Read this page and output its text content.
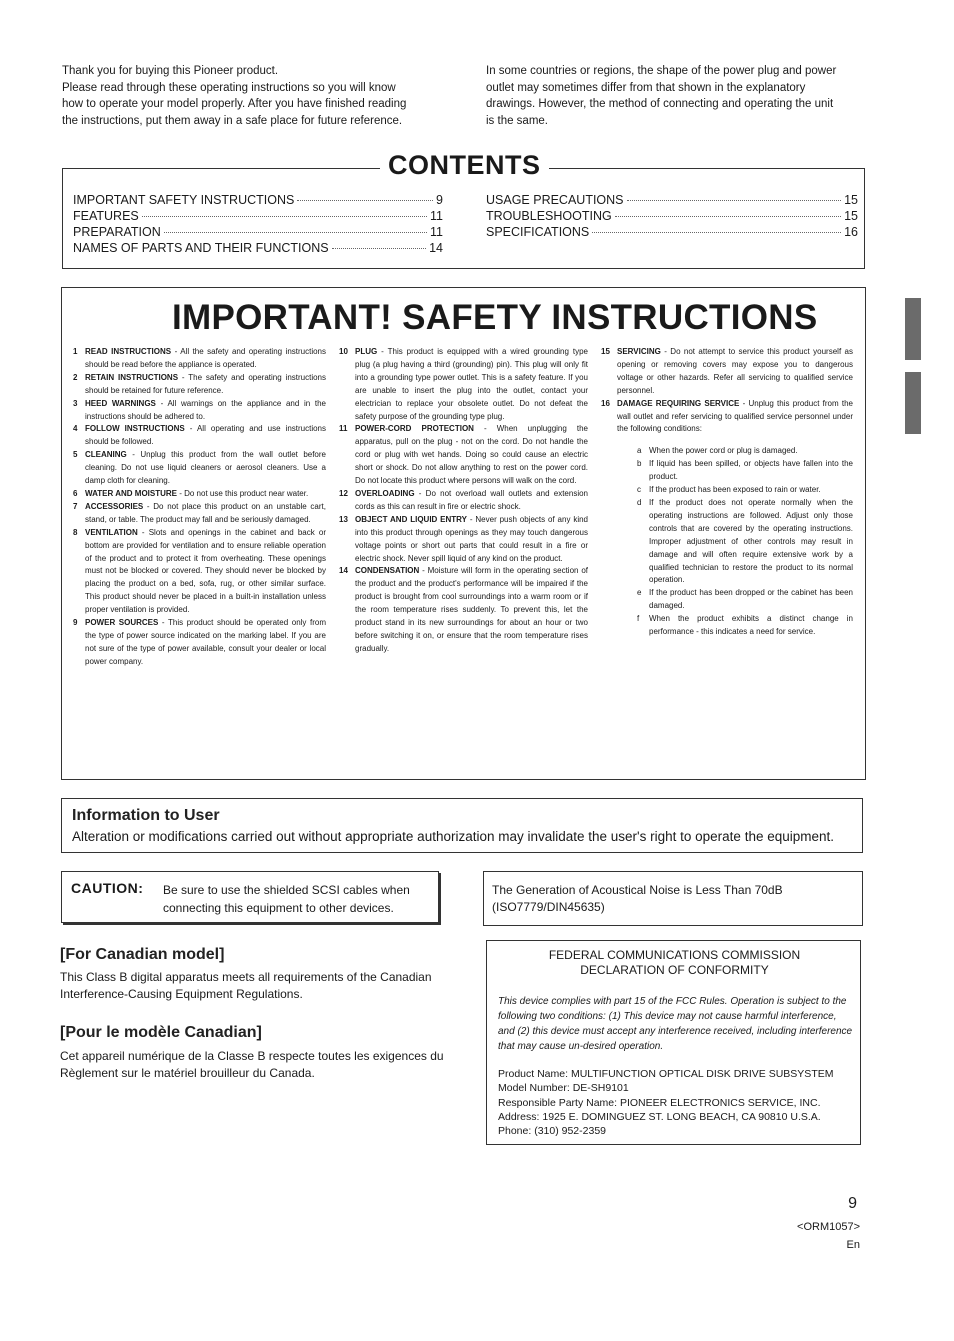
Thank you for buying this Pioneer product.
Please read through these operating instructions so you will know
how to operate your model properly. After you have finished reading
the instructions, put them away in a safe place for future reference.
In some countries or regions, the shape of the power plug and power
outlet may sometimes differ from that shown in the explanatory
drawings. However, the method of connecting and operating the unit
is the same.
IMPORTANT SAFETY INSTRUCTIONS	9
FEATURES	11
PREPARATION	11
NAMES OF PARTS AND THEIR FUNCTIONS	14
USAGE PRECAUTIONS	15
TROUBLESHOOTING	15
SPECIFICATIONS	16
CONTENTS
IMPORTANT! SAFETY INSTRUCTIONS
1 READ INSTRUCTIONS - All the safety and operating instructions should be read before the appliance is operated.
2 RETAIN INSTRUCTIONS - The safety and operating instructions should be retained for future reference.
3 HEED WARNINGS - All warnings on the appliance and in the instructions should be adhered to.
4 FOLLOW INSTRUCTIONS - All operating and use instructions should be followed.
5 CLEANING - Unplug this product from the wall outlet before cleaning. Do not use liquid cleaners or aerosol cleaners. Use a damp cloth for cleaning.
6 WATER AND MOISTURE - Do not use this product near water.
7 ACCESSORIES - Do not place this product on an unstable cart, stand, or table. The product may fall and be seriously damaged.
8 VENTILATION - Slots and openings in the cabinet and back or bottom are provided for ventilation and to ensure reliable operation of the product and to protect it from overheating. These openings must not be blocked or covered. They should never be blocked by placing the product on a bed, sofa, rug, or other similar surface. This product should never be placed in a built-in installation unless proper ventilation is provided.
9 POWER SOURCES - This product should be operated only from the type of power source indicated on the marking label. If you are not sure of the type of power available, consult your dealer or local power company.
10 PLUG - This product is equipped with a wired grounding type plug (a plug having a third (grounding) pin). This plug will only fit into a grounding type power outlet. This is a safety feature. If you are unable to insert the plug into the outlet, contact your electrician to replace your obsolete outlet. Do not defeat the safety purpose of the grounding type plug.
11 POWER-CORD PROTECTION - When unplugging the apparatus, pull on the plug - not on the cord. Do not handle the cord or plug with wet hands. Doing so could cause an electric short or shock. Do not allow anything to rest on the power cord. Do not locate this product where persons will walk on the cord.
12 OVERLOADING - Do not overload wall outlets and extension cords as this can result in fire or electric shock.
13 OBJECT AND LIQUID ENTRY - Never push objects of any kind into this product through openings as they may touch dangerous voltage points or short out parts that could result in a fire or electric shock. Never spill liquid of any kind on the product.
14 CONDENSATION - Moisture will form in the operating section of the product and the product's performance will be impaired if the product is brought from cool surroundings into a warm room or if the room temperature rises suddenly. To prevent this, let the product stand in its new surroundings for about an hour or two before switching it on, or ensure that the room temperature rises gradually.
15 SERVICING - Do not attempt to service this product yourself as opening or removing covers may expose you to dangerous voltage or other hazards. Refer all servicing to qualified service personnel.
16 DAMAGE REQUIRING SERVICE - Unplug this product from the wall outlet and refer servicing to qualified service personnel under the following conditions:
a When the power cord or plug is damaged.
b If liquid has been spilled, or objects have fallen into the product.
c If the product has been exposed to rain or water.
d If the product does not operate normally when the operating instructions are followed. Adjust only those controls that are covered by the operating instructions. Improper adjustment of other controls may result in damage and will often require extensive work by a qualified technician to restore the product to its normal operation.
e If the product has been dropped or the cabinet has been damaged.
f When the product exhibits a distinct change in performance - this indicates a need for service.
Information to User
Alteration or modifications carried out without appropriate authorization may invalidate the user's right to operate the equipment.
CAUTION: Be sure to use the shielded SCSI cables when connecting this equipment to other devices.
The Generation of Acoustical Noise is Less Than 70dB
(ISO7779/DIN45635)
[For Canadian model]
This Class B digital apparatus meets all requirements of the Canadian Interference-Causing Equipment Regulations.
[Pour le modèle Canadian]
Cet appareil numérique de la Classe B respecte toutes les exigences du Règlement sur le matériel brouilleur du Canada.
FEDERAL COMMUNICATIONS COMMISSION
DECLARATION OF CONFORMITY
This device complies with part 15 of the FCC Rules. Operation is subject to the following two conditions: (1) This device may not cause harmful interference, and (2) this device must accept any interference received, including interference that may cause un-desired operation.
Product Name: MULTIFUNCTION OPTICAL DISK DRIVE SUBSYSTEM
Model Number: DE-SH9101
Responsible Party Name: PIONEER ELECTRONICS SERVICE, INC.
Address: 1925 E. DOMINGUEZ ST. LONG BEACH, CA 90810 U.S.A.
Phone: (310) 952-2359
9
<ORM1057>
En
